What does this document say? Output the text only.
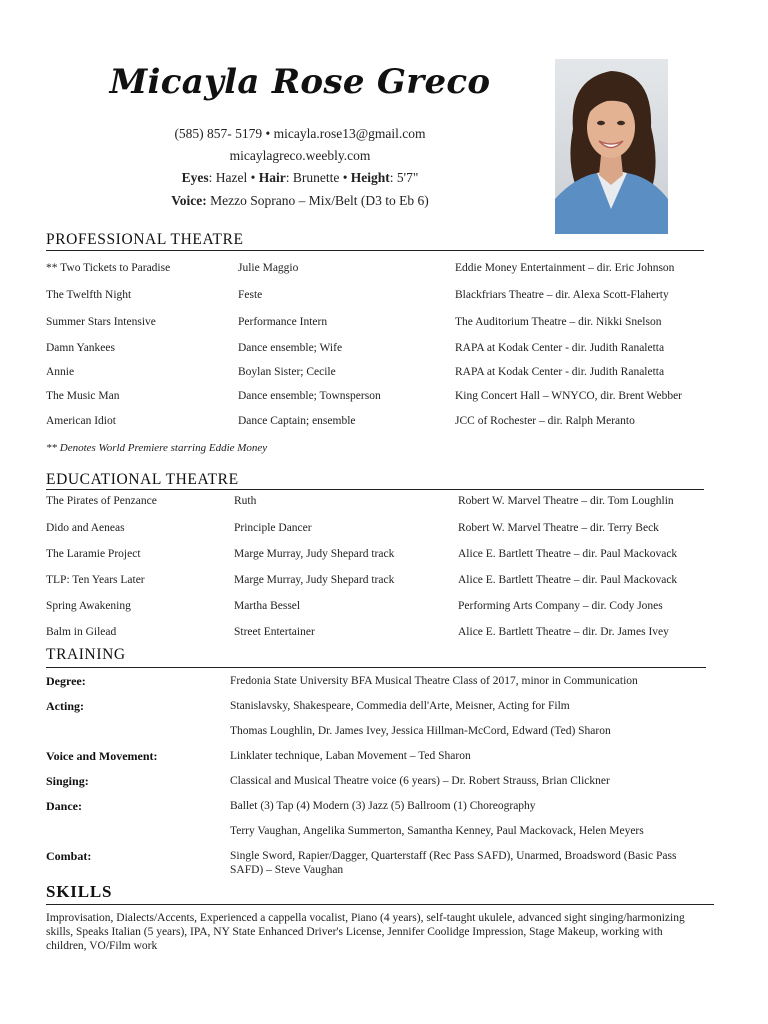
Micayla Rose Greco
(585) 857- 5179 • micayla.rose13@gmail.com
micaylagreco.weebly.com
Eyes: Hazel • Hair: Brunette • Height: 5'7"
Voice: Mezzo Soprano – Mix/Belt (D3 to Eb 6)
PROFESSIONAL THEATRE
** Two Tickets to Paradise	Julie Maggio	Eddie Money Entertainment – dir. Eric Johnson
The Twelfth Night	Feste	Blackfriars Theatre – dir. Alexa Scott-Flaherty
Summer Stars Intensive	Performance Intern	The Auditorium Theatre – dir. Nikki Snelson
Damn Yankees	Dance ensemble; Wife	RAPA at Kodak Center - dir. Judith Ranaletta
Annie	Boylan Sister; Cecile	RAPA at Kodak Center - dir. Judith Ranaletta
The Music Man	Dance ensemble; Townsperson	King Concert Hall – WNYCO, dir. Brent Webber
American Idiot	Dance Captain; ensemble	JCC of Rochester – dir. Ralph Meranto
** Denotes World Premiere starring Eddie Money
EDUCATIONAL THEATRE
The Pirates of Penzance	Ruth	Robert W. Marvel Theatre – dir. Tom Loughlin
Dido and Aeneas	Principle Dancer	Robert W. Marvel Theatre – dir. Terry Beck
The Laramie Project	Marge Murray, Judy Shepard track	Alice E. Bartlett Theatre – dir. Paul Mackovack
TLP: Ten Years Later	Marge Murray, Judy Shepard track	Alice E. Bartlett Theatre – dir. Paul Mackovack
Spring Awakening	Martha Bessel	Performing Arts Company – dir. Cody Jones
Balm in Gilead	Street Entertainer	Alice E. Bartlett Theatre – dir. Dr. James Ivey
TRAINING
Degree:	Fredonia State University BFA Musical Theatre Class of 2017, minor in Communication
Acting:	Stanislavsky, Shakespeare, Commedia dell'Arte, Meisner, Acting for Film
Thomas Loughlin, Dr. James Ivey, Jessica Hillman-McCord, Edward (Ted) Sharon
Voice and Movement:	Linklater technique, Laban Movement – Ted Sharon
Singing:	Classical and Musical Theatre voice (6 years) – Dr. Robert Strauss, Brian Clickner
Dance:	Ballet (3) Tap (4) Modern (3) Jazz (5) Ballroom (1) Choreography
Terry Vaughan, Angelika Summerton, Samantha Kenney, Paul Mackovack, Helen Meyers
Combat:	Single Sword, Rapier/Dagger, Quarterstaff (Rec Pass SAFD), Unarmed, Broadsword (Basic Pass SAFD) – Steve Vaughan
SKILLS
Improvisation, Dialects/Accents, Experienced a cappella vocalist, Piano (4 years), self-taught ukulele, advanced sight singing/harmonizing skills, Speaks Italian (5 years), IPA, NY State Enhanced Driver's License, Jennifer Coolidge Impression, Stage Makeup, working with children, VO/Film work
